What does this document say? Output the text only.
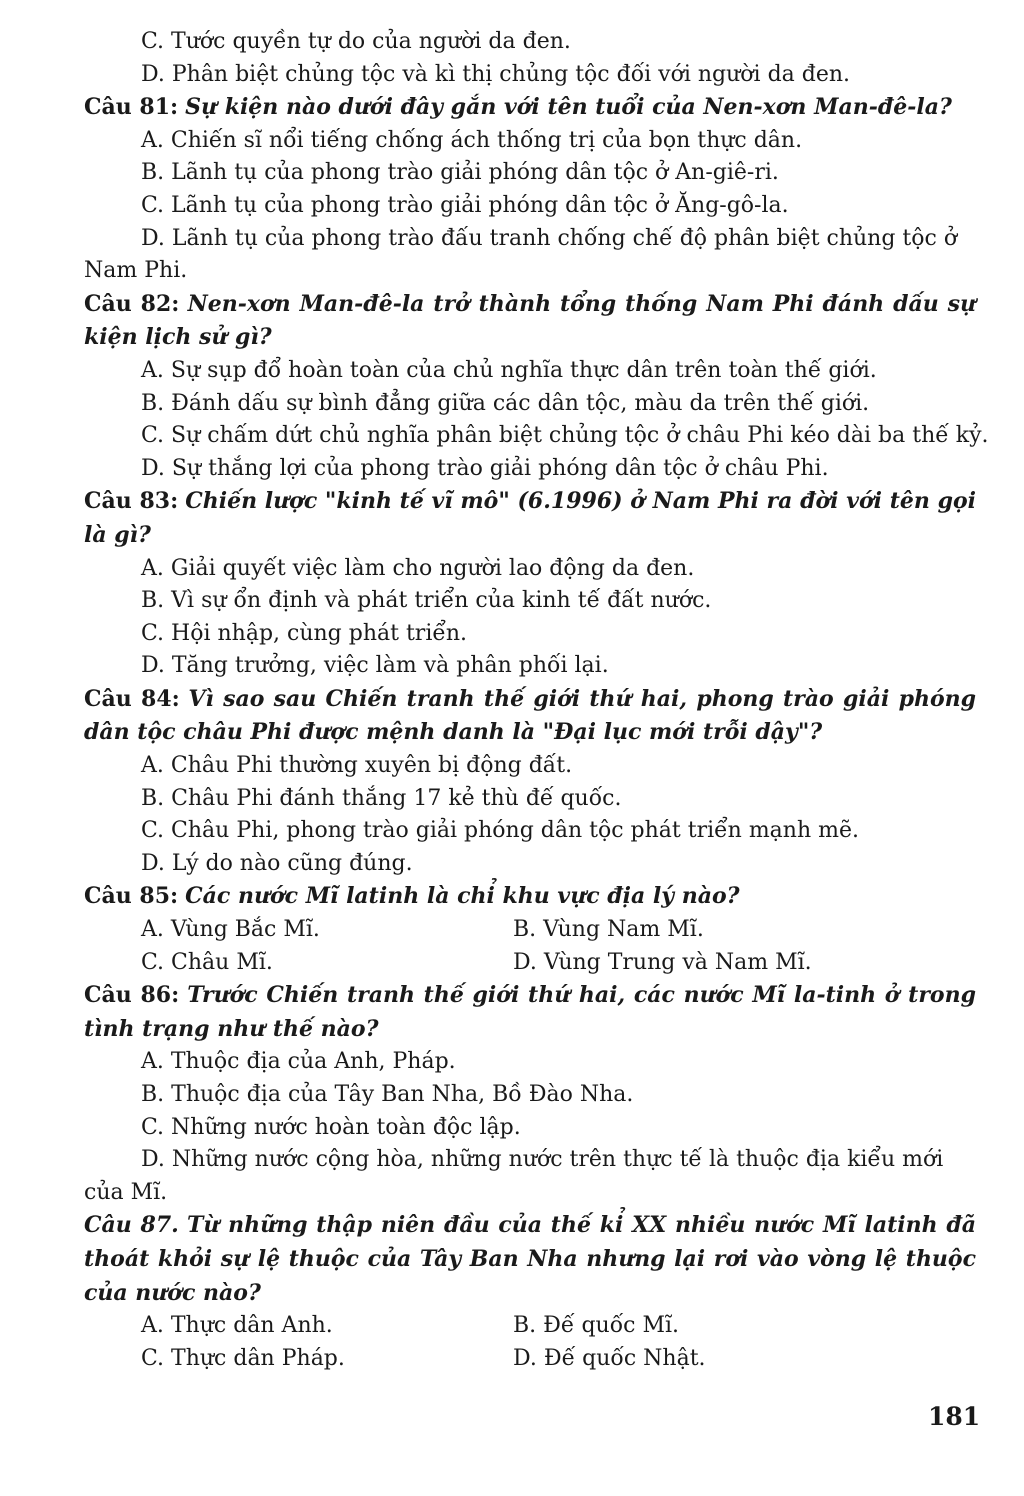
C. Tước quyền tự do của người da đen.
D. Phân biệt chủng tộc và kì thị chủng tộc đối với người da đen.
Câu 81: Sự kiện nào dưới đây gắn với tên tuổi của Nen-xơn Man-đê-la?
A. Chiến sĩ nổi tiếng chống ách thống trị của bọn thực dân.
B. Lãnh tụ của phong trào giải phóng dân tộc ở An-giê-ri.
C. Lãnh tụ của phong trào giải phóng dân tộc ở Ăng-gô-la.
D. Lãnh tụ của phong trào đấu tranh chống chế độ phân biệt chủng tộc ở
Nam Phi.
Câu 82: Nen-xơn Man-đê-la trở thành tổng thống Nam Phi đánh dấu sự kiện lịch sử gì?
A. Sự sụp đổ hoàn toàn của chủ nghĩa thực dân trên toàn thế giới.
B. Đánh dấu sự bình đẳng giữa các dân tộc, màu da trên thế giới.
C. Sự chấm dứt chủ nghĩa phân biệt chủng tộc ở châu Phi kéo dài ba thế kỷ.
D. Sự thắng lợi của phong trào giải phóng dân tộc ở châu Phi.
Câu 83: Chiến lược "kinh tế vĩ mô" (6.1996) ở Nam Phi ra đời với tên gọi là gì?
A. Giải quyết việc làm cho người lao động da đen.
B. Vì sự ổn định và phát triển của kinh tế đất nước.
C. Hội nhập, cùng phát triển.
D. Tăng trưởng, việc làm và phân phối lại.
Câu 84: Vì sao sau Chiến tranh thế giới thứ hai, phong trào giải phóng dân tộc châu Phi được mệnh danh là "Đại lục mới trỗi dậy"?
A. Châu Phi thường xuyên bị động đất.
B. Châu Phi đánh thắng 17 kẻ thù đế quốc.
C. Châu Phi, phong trào giải phóng dân tộc phát triển mạnh mẽ.
D. Lý do nào cũng đúng.
Câu 85: Các nước Mĩ latinh là chỉ khu vực địa lý nào?
A. Vùng Bắc Mĩ.	B. Vùng Nam Mĩ.
C. Châu Mĩ.	D. Vùng Trung và Nam Mĩ.
Câu 86: Trước Chiến tranh thế giới thứ hai, các nước Mĩ la-tinh ở trong tình trạng như thế nào?
A. Thuộc địa của Anh, Pháp.
B. Thuộc địa của Tây Ban Nha, Bồ Đào Nha.
C. Những nước hoàn toàn độc lập.
D. Những nước cộng hòa, những nước trên thực tế là thuộc địa kiểu mới
của Mĩ.
Câu 87. Từ những thập niên đầu của thế kỉ XX nhiều nước Mĩ latinh đã thoát khỏi sự lệ thuộc của Tây Ban Nha nhưng lại rơi vào vòng lệ thuộc của nước nào?
A. Thực dân Anh.	B. Đế quốc Mĩ.
C. Thực dân Pháp.	D. Đế quốc Nhật.
181
